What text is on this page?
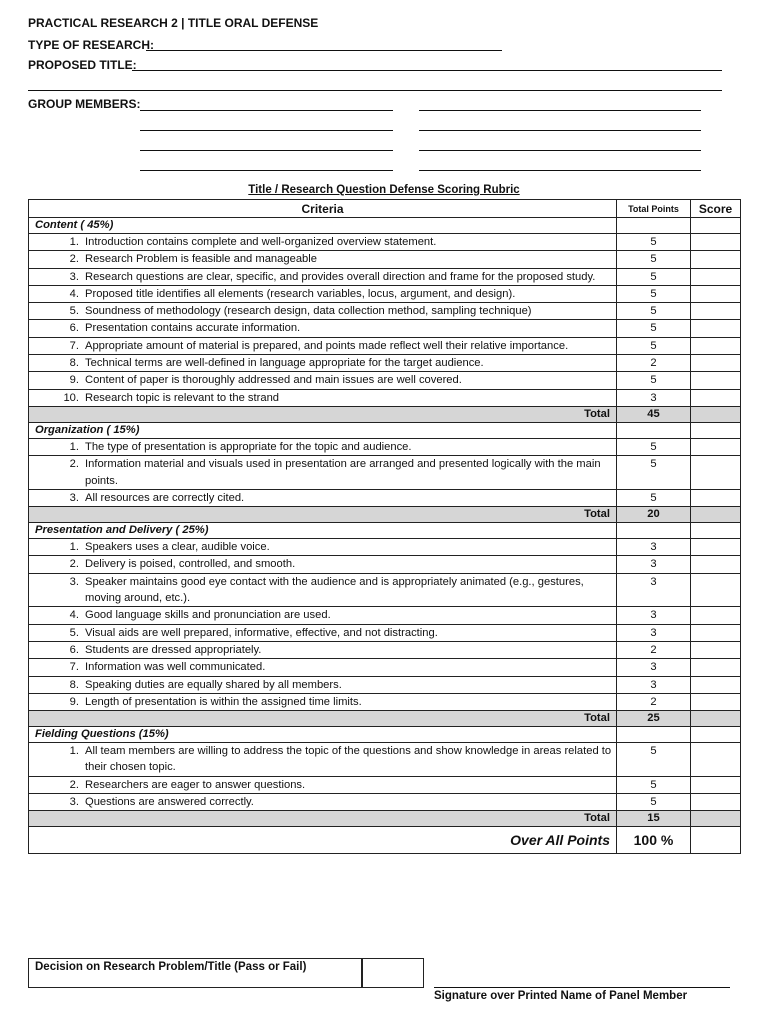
PRACTICAL RESEARCH 2 | TITLE ORAL DEFENSE
TYPE OF RESEARCH:
PROPOSED TITLE:
GROUP MEMBERS:
Title / Research Question Defense Scoring Rubric
Criteria	Total Points	Score
Content ( 45%)		

1. Introduction contains complete and well-organized overview statement.	5	

2. Research Problem is feasible and manageable	5	

3. Research questions are clear, specific, and provides overall direction and frame for the proposed study.	5	

4. Proposed title identifies all elements (research variables, locus, argument, and design).	5	

5. Soundness of methodology (research design, data collection method, sampling technique)	5	

6. Presentation contains accurate information.	5	

7. Appropriate amount of material is prepared, and points made reflect well their relative importance.	5	

8. Technical terms are well-defined in language appropriate for the target audience.	2	

9. Content of paper is thoroughly addressed and main issues are well covered.	5	

10. Research topic is relevant to the strand	3	
Total	45	
Organization ( 15%)		

1. The type of presentation is appropriate for the topic and audience.	5	

2. Information material and visuals used in presentation are arranged and presented logically with the main points.	5	

3. All resources are correctly cited.	5	
Total	20	
Presentation and Delivery ( 25%)		

1. Speakers uses a clear, audible voice.	3	

2. Delivery is poised, controlled, and smooth.	3	

3. Speaker maintains good eye contact with the audience and is appropriately animated (e.g., gestures, moving around, etc.).	3	

4. Good language skills and pronunciation are used.	3	

5. Visual aids are well prepared, informative, effective, and not distracting.	3	

6. Students are dressed appropriately.	2	

7. Information was well communicated.	3	

8. Speaking duties are equally shared by all members.	3	

9. Length of presentation is within the assigned time limits.	2	
Total	25	
Fielding Questions (15%)		

1. All team members are willing to address the topic of the questions and show knowledge in areas related to their chosen topic.	5	

2. Researchers are eager to answer questions.	5	

3. Questions are answered correctly.	5	
Total	15	
Over All Points	100 %	
Decision on Research Problem/Title (Pass or Fail)
Signature over Printed Name of Panel Member
